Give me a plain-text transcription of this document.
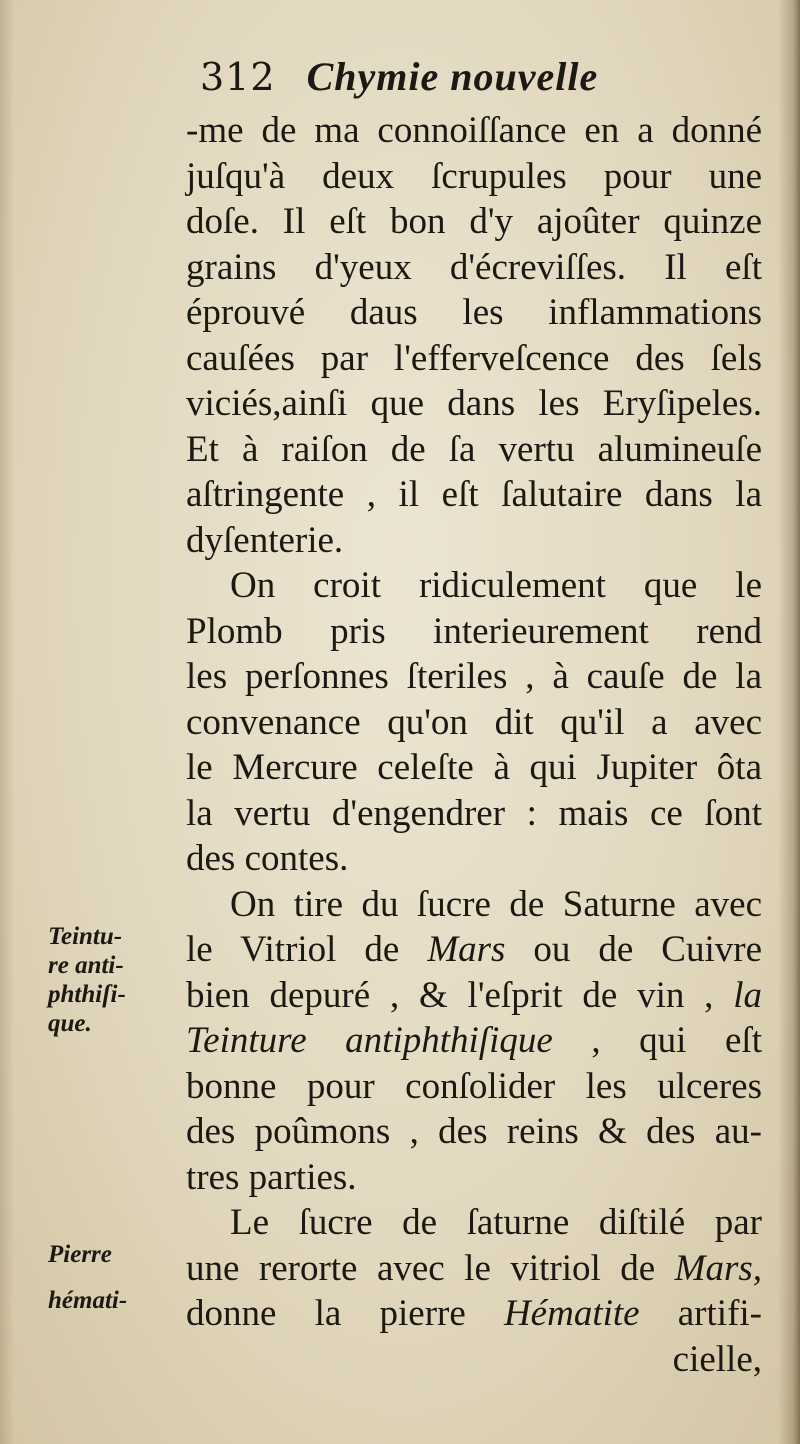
312 Chymie nouvelle
-me de ma connoiſſance en a donné
juſqu'à deux ſcrupules pour une
doſe. Il eſt bon d'y ajoûter quinze
grains d'yeux d'écreviſſes. Il eſt
éprouvé daus les inflammations
cauſées par l'efferveſcence des ſels
viciés,ainſi que dans les Eryſipeles.
Et à raiſon de ſa vertu alumineuſe
aſtringente , il eſt ſalutaire dans la
dyſenterie.
On croit ridiculement que le
Plomb pris interieurement rend
les perſonnes ſteriles , à cauſe de la
convenance qu'on dit qu'il a avec
le Mercure celeſte à qui Jupiter ôta
la vertu d'engendrer : mais ce ſont
des contes.
On tire du ſucre de Saturne avec
le Vitriol de Mars ou de Cuivre
bien depuré , & l'eſprit de vin , la
Teinture antiphthiſique , qui eſt
bonne pour conſolider les ulceres
des poûmons , des reins & des au-
tres parties.
Le ſucre de ſaturne diſtilé par
une rerorte avec le vitriol de Mars,
donne la pierre Hématite artifi-
cielle,
Teintu-
re anti-
phthiſi-
que.
Pierre
hémati-
